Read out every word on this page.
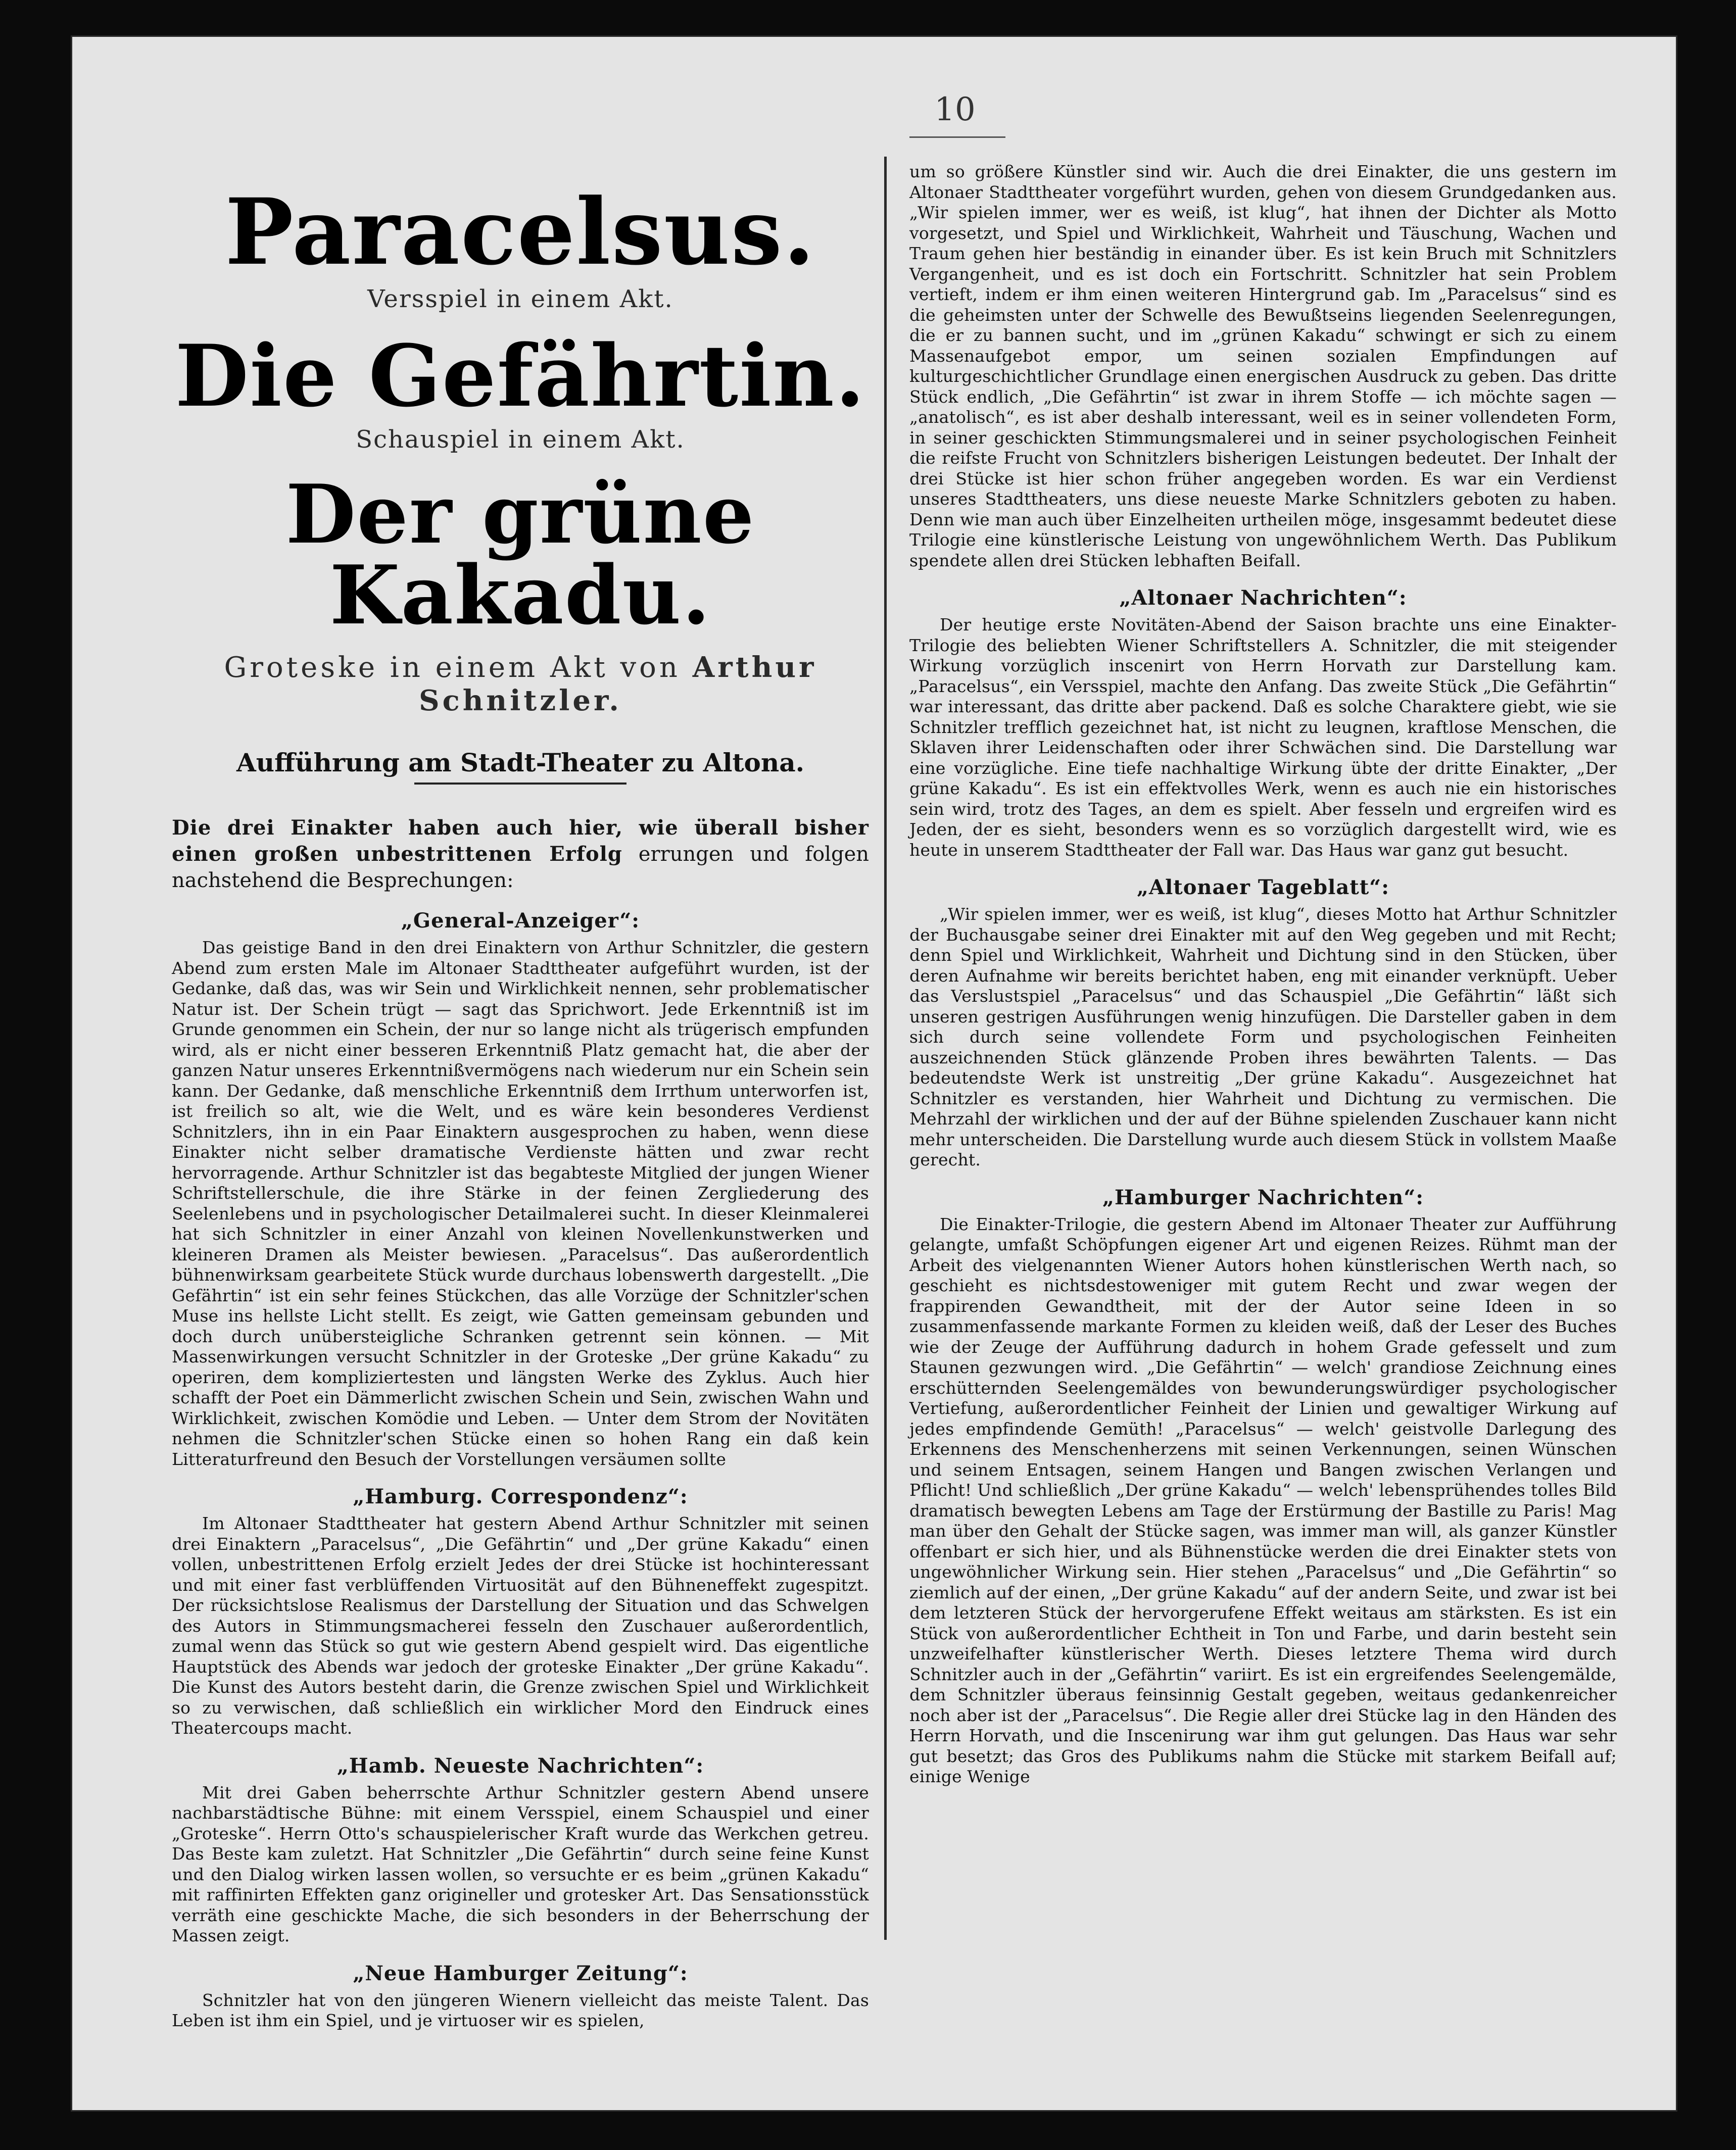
10
Paracelsus.
Versspiel in einem Akt.
Die Gefährtin.
Schauspiel in einem Akt.
Der grüne Kakadu.
Groteske in einem Akt von Arthur Schnitzler.
Aufführung am Stadt-Theater zu Altona.

Die drei Einakter haben auch hier, wie überall bisher einen großen unbestrittenen Erfolg errungen und folgen nachstehend die Besprechungen:

„General-Anzeiger“:

Das geistige Band in den drei Einaktern von Arthur Schnitzler, die gestern Abend zum ersten Male im Altonaer Stadttheater aufgeführt wurden, ist der Gedanke, daß das, was wir Sein und Wirklichkeit nennen, sehr problematischer Natur ist. Der Schein trügt — sagt das Sprichwort. Jede Erkenntniß ist im Grunde genommen ein Schein, der nur so lange nicht als trügerisch empfunden wird, als er nicht einer besseren Erkenntniß Platz gemacht hat, die aber der ganzen Natur unseres Erkenntnißvermögens nach wiederum nur ein Schein sein kann. Der Gedanke, daß menschliche Erkenntniß dem Irrthum unterworfen ist, ist freilich so alt, wie die Welt, und es wäre kein besonderes Verdienst Schnitzlers, ihn in ein Paar Einaktern ausgesprochen zu haben, wenn diese Einakter nicht selber dramatische Verdienste hätten und zwar recht hervorragende. Arthur Schnitzler ist das begabteste Mitglied der jungen Wiener Schriftstellerschule, die ihre Stärke in der feinen Zergliederung des Seelenlebens und in psychologischer Detailmalerei sucht. In dieser Kleinmalerei hat sich Schnitzler in einer Anzahl von kleinen Novellenkunstwerken und kleineren Dramen als Meister bewiesen. „Paracelsus“. Das außerordentlich bühnenwirksam gearbeitete Stück wurde durchaus lobenswerth dargestellt. „Die Gefährtin“ ist ein sehr feines Stückchen, das alle Vorzüge der Schnitzler'schen Muse ins hellste Licht stellt. Es zeigt, wie Gatten gemeinsam gebunden und doch durch unübersteigliche Schranken getrennt sein können. — Mit Massenwirkungen versucht Schnitzler in der Groteske „Der grüne Kakadu“ zu operiren, dem kompliziertesten und längsten Werke des Zyklus. Auch hier schafft der Poet ein Dämmerlicht zwischen Schein und Sein, zwischen Wahn und Wirklichkeit, zwischen Komödie und Leben. — Unter dem Strom der Novitäten nehmen die Schnitzler'schen Stücke einen so hohen Rang ein daß kein Litteraturfreund den Besuch der Vorstellungen versäumen sollte

„Hamburg. Correspondenz“:

Im Altonaer Stadttheater hat gestern Abend Arthur Schnitzler mit seinen drei Einaktern „Paracelsus“, „Die Gefährtin“ und „Der grüne Kakadu“ einen vollen, unbestrittenen Erfolg erzielt Jedes der drei Stücke ist hochinteressant und mit einer fast verblüffenden Virtuosität auf den Bühneneffekt zugespitzt. Der rücksichtslose Realismus der Darstellung der Situation und das Schwelgen des Autors in Stimmungsmacherei fesseln den Zuschauer außerordentlich, zumal wenn das Stück so gut wie gestern Abend gespielt wird. Das eigentliche Hauptstück des Abends war jedoch der groteske Einakter „Der grüne Kakadu“. Die Kunst des Autors besteht darin, die Grenze zwischen Spiel und Wirklichkeit so zu verwischen, daß schließlich ein wirklicher Mord den Eindruck eines Theatercoups macht.

„Hamb. Neueste Nachrichten“:

Mit drei Gaben beherrschte Arthur Schnitzler gestern Abend unsere nachbarstädtische Bühne: mit einem Versspiel, einem Schauspiel und einer „Groteske“. Herrn Otto's schauspielerischer Kraft wurde das Werkchen getreu. Das Beste kam zuletzt. Hat Schnitzler „Die Gefährtin“ durch seine feine Kunst und den Dialog wirken lassen wollen, so versuchte er es beim „grünen Kakadu“ mit raffinirten Effekten ganz origineller und grotesker Art. Das Sensationsstück verräth eine geschickte Mache, die sich besonders in der Beherrschung der Massen zeigt.

„Neue Hamburger Zeitung“:

Schnitzler hat von den jüngeren Wienern vielleicht das meiste Talent. Das Leben ist ihm ein Spiel, und je virtuoser wir es spielen,

um so größere Künstler sind wir. Auch die drei Einakter, die uns gestern im Altonaer Stadttheater vorgeführt wurden, gehen von diesem Grundgedanken aus. „Wir spielen immer, wer es weiß, ist klug“, hat ihnen der Dichter als Motto vorgesetzt, und Spiel und Wirklichkeit, Wahrheit und Täuschung, Wachen und Traum gehen hier beständig in einander über. Es ist kein Bruch mit Schnitzlers Vergangenheit, und es ist doch ein Fortschritt. Schnitzler hat sein Problem vertieft, indem er ihm einen weiteren Hintergrund gab. Im „Paracelsus“ sind es die geheimsten unter der Schwelle des Bewußtseins liegenden Seelenregungen, die er zu bannen sucht, und im „grünen Kakadu“ schwingt er sich zu einem Massenaufgebot empor, um seinen sozialen Empfindungen auf kulturgeschichtlicher Grundlage einen energischen Ausdruck zu geben. Das dritte Stück endlich, „Die Gefährtin“ ist zwar in ihrem Stoffe — ich möchte sagen — „anatolisch“, es ist aber deshalb interessant, weil es in seiner vollendeten Form, in seiner geschickten Stimmungsmalerei und in seiner psychologischen Feinheit die reifste Frucht von Schnitzlers bisherigen Leistungen bedeutet. Der Inhalt der drei Stücke ist hier schon früher angegeben worden. Es war ein Verdienst unseres Stadttheaters, uns diese neueste Marke Schnitzlers geboten zu haben. Denn wie man auch über Einzelheiten urtheilen möge, insgesammt bedeutet diese Trilogie eine künstlerische Leistung von ungewöhnlichem Werth. Das Publikum spendete allen drei Stücken lebhaften Beifall.

„Altonaer Nachrichten“:

Der heutige erste Novitäten-Abend der Saison brachte uns eine Einakter-Trilogie des beliebten Wiener Schriftstellers A. Schnitzler, die mit steigender Wirkung vorzüglich inscenirt von Herrn Horvath zur Darstellung kam. „Paracelsus“, ein Versspiel, machte den Anfang. Das zweite Stück „Die Gefährtin“ war interessant, das dritte aber packend. Daß es solche Charaktere giebt, wie sie Schnitzler trefflich gezeichnet hat, ist nicht zu leugnen, kraftlose Menschen, die Sklaven ihrer Leidenschaften oder ihrer Schwächen sind. Die Darstellung war eine vorzügliche. Eine tiefe nachhaltige Wirkung übte der dritte Einakter, „Der grüne Kakadu“. Es ist ein effektvolles Werk, wenn es auch nie ein historisches sein wird, trotz des Tages, an dem es spielt. Aber fesseln und ergreifen wird es Jeden, der es sieht, besonders wenn es so vorzüglich dargestellt wird, wie es heute in unserem Stadttheater der Fall war. Das Haus war ganz gut besucht.

„Altonaer Tageblatt“:

„Wir spielen immer, wer es weiß, ist klug“, dieses Motto hat Arthur Schnitzler der Buchausgabe seiner drei Einakter mit auf den Weg gegeben und mit Recht; denn Spiel und Wirklichkeit, Wahrheit und Dichtung sind in den Stücken, über deren Aufnahme wir bereits berichtet haben, eng mit einander verknüpft. Ueber das Verslustspiel „Paracelsus“ und das Schauspiel „Die Gefährtin“ läßt sich unseren gestrigen Ausführungen wenig hinzufügen. Die Darsteller gaben in dem sich durch seine vollendete Form und psychologischen Feinheiten auszeichnenden Stück glänzende Proben ihres bewährten Talents. — Das bedeutendste Werk ist unstreitig „Der grüne Kakadu“. Ausgezeichnet hat Schnitzler es verstanden, hier Wahrheit und Dichtung zu vermischen. Die Mehrzahl der wirklichen und der auf der Bühne spielenden Zuschauer kann nicht mehr unterscheiden. Die Darstellung wurde auch diesem Stück in vollstem Maaße gerecht.

„Hamburger Nachrichten“:

Die Einakter-Trilogie, die gestern Abend im Altonaer Theater zur Aufführung gelangte, umfaßt Schöpfungen eigener Art und eigenen Reizes. Rühmt man der Arbeit des vielgenannten Wiener Autors hohen künstlerischen Werth nach, so geschieht es nichtsdestoweniger mit gutem Recht und zwar wegen der frappirenden Gewandtheit, mit der der Autor seine Ideen in so zusammenfassende markante Formen zu kleiden weiß, daß der Leser des Buches wie der Zeuge der Aufführung dadurch in hohem Grade gefesselt und zum Staunen gezwungen wird. „Die Gefährtin“ — welch' grandiose Zeichnung eines erschütternden Seelengemäldes von bewunderungswürdiger psychologischer Vertiefung, außerordentlicher Feinheit der Linien und gewaltiger Wirkung auf jedes empfindende Gemüth! „Paracelsus“ — welch' geistvolle Darlegung des Erkennens des Menschenherzens mit seinen Verkennungen, seinen Wünschen und seinem Entsagen, seinem Hangen und Bangen zwischen Verlangen und Pflicht! Und schließlich „Der grüne Kakadu“ — welch' lebensprühendes tolles Bild dramatisch bewegten Lebens am Tage der Erstürmung der Bastille zu Paris! Mag man über den Gehalt der Stücke sagen, was immer man will, als ganzer Künstler offenbart er sich hier, und als Bühnenstücke werden die drei Einakter stets von ungewöhnlicher Wirkung sein. Hier stehen „Paracelsus“ und „Die Gefährtin“ so ziemlich auf der einen, „Der grüne Kakadu“ auf der andern Seite, und zwar ist bei dem letzteren Stück der hervorgerufene Effekt weitaus am stärksten. Es ist ein Stück von außerordentlicher Echtheit in Ton und Farbe, und darin besteht sein unzweifelhafter künstlerischer Werth. Dieses letztere Thema wird durch Schnitzler auch in der „Gefährtin“ variirt. Es ist ein ergreifendes Seelengemälde, dem Schnitzler überaus feinsinnig Gestalt gegeben, weitaus gedankenreicher noch aber ist der „Paracelsus“. Die Regie aller drei Stücke lag in den Händen des Herrn Horvath, und die Inscenirung war ihm gut gelungen. Das Haus war sehr gut besetzt; das Gros des Publikums nahm die Stücke mit starkem Beifall auf; einige Wenige
